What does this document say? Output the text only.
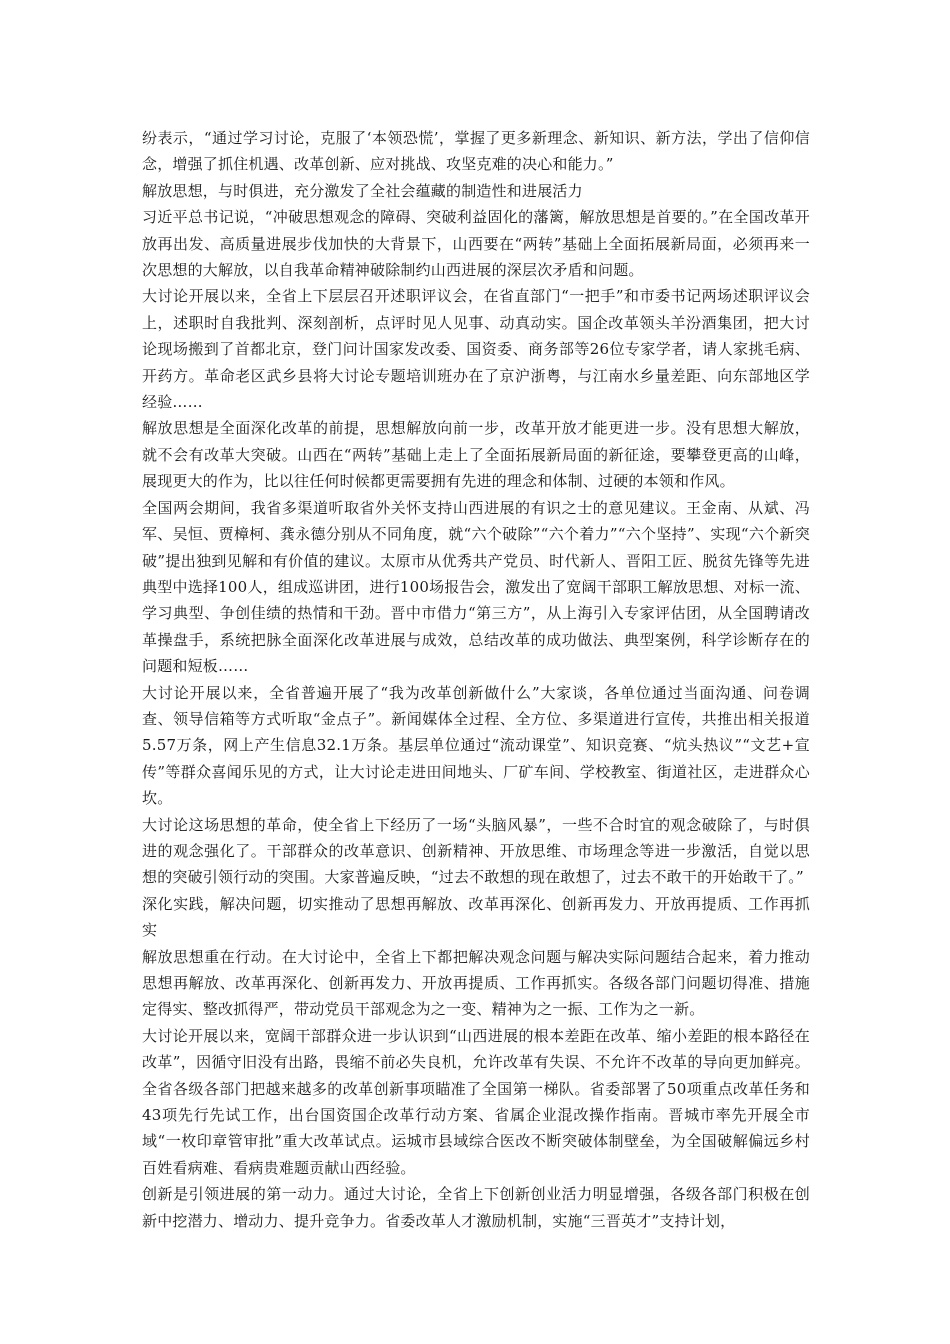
纷表示，“通过学习讨论，克服了‘本领恐慌’，掌握了更多新理念、新知识、新方法，学出了信仰信念，增强了抓住机遇、改革创新、应对挑战、攻坚克难的决心和能力。”

解放思想，与时俱进，充分激发了全社会蕴藏的制造性和进展活力

习近平总书记说，“冲破思想观念的障碍、突破利益固化的藩篱，解放思想是首要的。”在全国改革开放再出发、高质量进展步伐加快的大背景下，山西要在“两转”基础上全面拓展新局面，必须再来一次思想的大解放，以自我革命精神破除制约山西进展的深层次矛盾和问题。

大讨论开展以来，全省上下层层召开述职评议会，在省直部门“一把手”和市委书记两场述职评议会上，述职时自我批判、深刻剖析，点评时见人见事、动真动实。国企改革领头羊汾酒集团，把大讨论现场搬到了首都北京，登门问计国家发改委、国资委、商务部等26位专家学者，请人家挑毛病、开药方。革命老区武乡县将大讨论专题培训班办在了京沪浙粤，与江南水乡量差距、向东部地区学经验……

解放思想是全面深化改革的前提，思想解放向前一步，改革开放才能更进一步。没有思想大解放，就不会有改革大突破。山西在“两转”基础上走上了全面拓展新局面的新征途，要攀登更高的山峰，展现更大的作为，比以往任何时候都更需要拥有先进的理念和体制、过硬的本领和作风。

全国两会期间，我省多渠道听取省外关怀支持山西进展的有识之士的意见建议。王金南、从斌、冯军、吴恒、贾樟柯、龚永德分别从不同角度，就“六个破除”“六个着力”“六个坚持”、实现“六个新突破”提出独到见解和有价值的建议。太原市从优秀共产党员、时代新人、晋阳工匠、脱贫先锋等先进典型中选择100人，组成巡讲团，进行100场报告会，激发出了宽阔干部职工解放思想、对标一流、学习典型、争创佳绩的热情和干劲。晋中市借力“第三方”，从上海引入专家评估团，从全国聘请改革操盘手，系统把脉全面深化改革进展与成效，总结改革的成功做法、典型案例，科学诊断存在的问题和短板……

大讨论开展以来，全省普遍开展了“我为改革创新做什么”大家谈，各单位通过当面沟通、问卷调查、领导信箱等方式听取“金点子”。新闻媒体全过程、全方位、多渠道进行宣传，共推出相关报道5.57万条，网上产生信息32.1万条。基层单位通过“流动课堂”、知识竞赛、“炕头热议”“文艺+宣传”等群众喜闻乐见的方式，让大讨论走进田间地头、厂矿车间、学校教室、街道社区，走进群众心坎。

大讨论这场思想的革命，使全省上下经历了一场“头脑风暴”，一些不合时宜的观念破除了，与时俱进的观念强化了。干部群众的改革意识、创新精神、开放思维、市场理念等进一步激活，自觉以思想的突破引领行动的突围。大家普遍反映，“过去不敢想的现在敢想了，过去不敢干的开始敢干了。”

深化实践，解决问题，切实推动了思想再解放、改革再深化、创新再发力、开放再提质、工作再抓实

解放思想重在行动。在大讨论中，全省上下都把解决观念问题与解决实际问题结合起来，着力推动思想再解放、改革再深化、创新再发力、开放再提质、工作再抓实。各级各部门问题切得准、措施定得实、整改抓得严，带动党员干部观念为之一变、精神为之一振、工作为之一新。

大讨论开展以来，宽阔干部群众进一步认识到“山西进展的根本差距在改革、缩小差距的根本路径在改革”，因循守旧没有出路，畏缩不前必失良机，允许改革有失误、不允许不改革的导向更加鲜亮。全省各级各部门把越来越多的改革创新事项瞄准了全国第一梯队。省委部署了50项重点改革任务和43项先行先试工作，出台国资国企改革行动方案、省属企业混改操作指南。晋城市率先开展全市域“一枚印章管审批”重大改革试点。运城市县域综合医改不断突破体制壁垒，为全国破解偏远乡村百姓看病难、看病贵难题贡献山西经验。

创新是引领进展的第一动力。通过大讨论，全省上下创新创业活力明显增强，各级各部门积极在创新中挖潜力、增动力、提升竞争力。省委改革人才激励机制，实施“三晋英才”支持计划，
